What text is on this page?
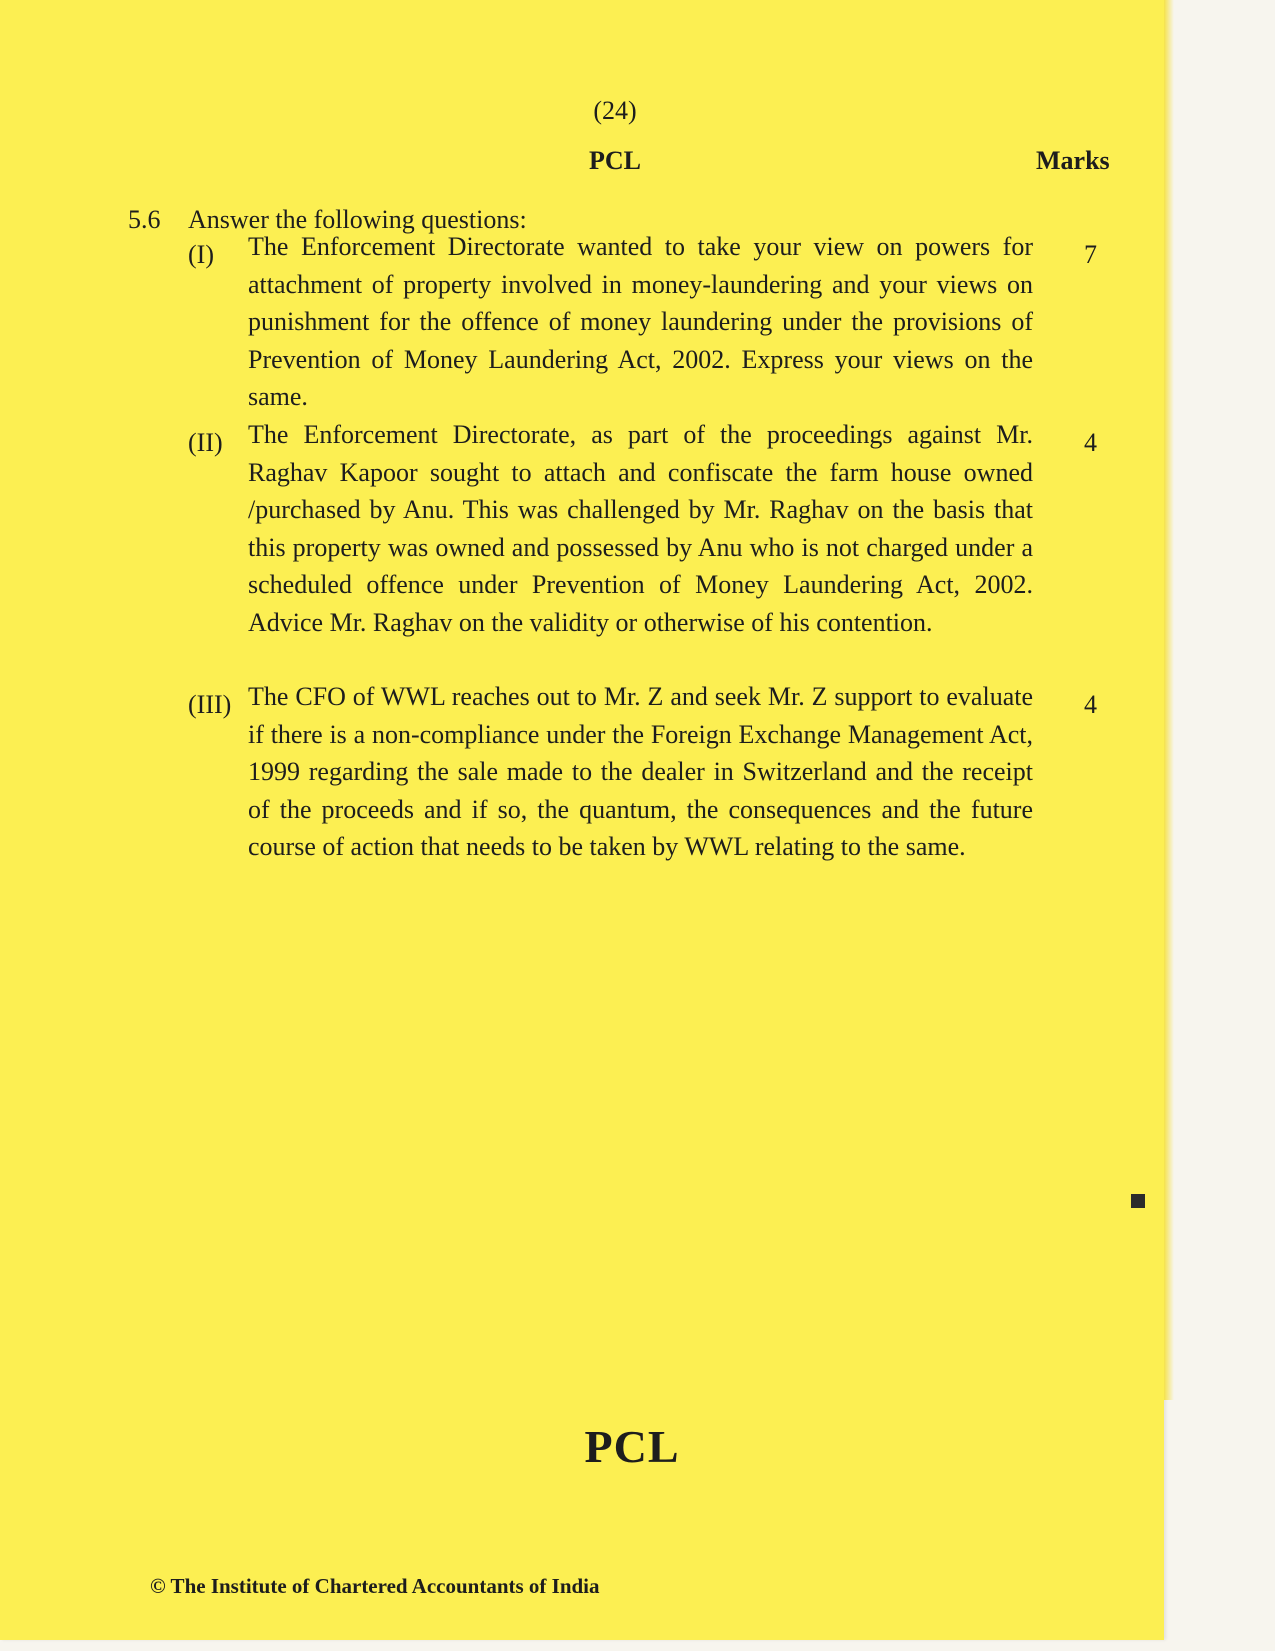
(24)
PCL	Marks
5.6 Answer the following questions:
(I) The Enforcement Directorate wanted to take your view on powers for attachment of property involved in money-laundering and your views on punishment for the offence of money laundering under the provisions of Prevention of Money Laundering Act, 2002. Express your views on the same.
7
(II) The Enforcement Directorate, as part of the proceedings against Mr. Raghav Kapoor sought to attach and confiscate the farm house owned /purchased by Anu. This was challenged by Mr. Raghav on the basis that this property was owned and possessed by Anu who is not charged under a scheduled offence under Prevention of Money Laundering Act, 2002. Advice Mr. Raghav on the validity or otherwise of his contention.
4
(III) The CFO of WWL reaches out to Mr. Z and seek Mr. Z support to evaluate if there is a non-compliance under the Foreign Exchange Management Act, 1999 regarding the sale made to the dealer in Switzerland and the receipt of the proceeds and if so, the quantum, the consequences and the future course of action that needs to be taken by WWL relating to the same.
4
PCL
© The Institute of Chartered Accountants of India
